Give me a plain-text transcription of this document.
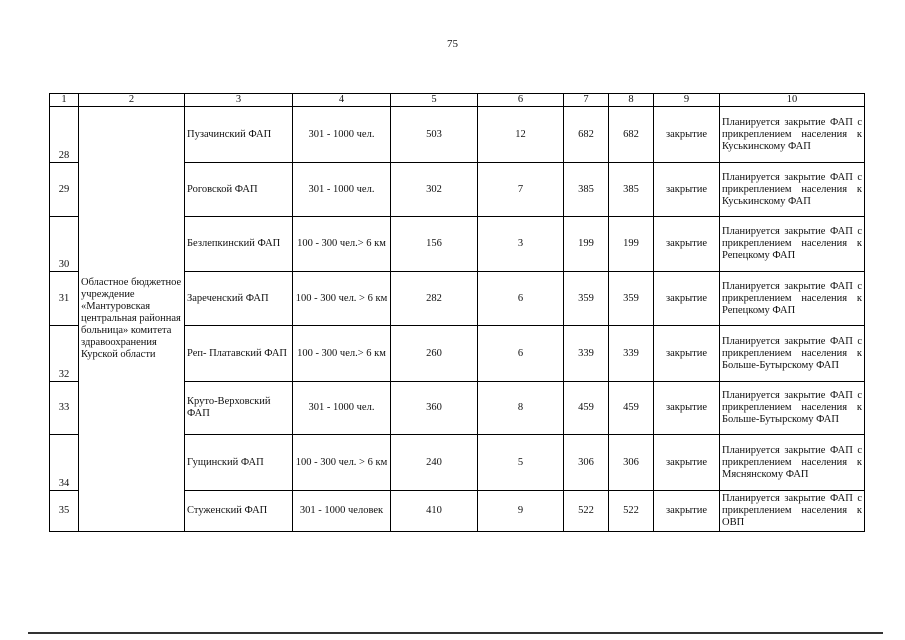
75
1	2	3	4	5	6	7	8	9	10
28	Областное бюджетное учреждение «Мантуровская центральная районная больница» комитета здравоохранения Курской области	Пузачинский ФАП	301 - 1000 чел.	503	12	682	682	закрытие	Планируется закрытие ФАП с прикреплением населения к Куськинскому ФАП
29		Роговской ФАП	301 - 1000 чел.	302	7	385	385	закрытие	Планируется закрытие ФАП с прикреплением населения к Куськинскому ФАП
30		Безлепкинский ФАП	100 - 300 чел.> 6 км	156	3	199	199	закрытие	Планируется закрытие ФАП с прикреплением населения к Репецкому ФАП
31		Зареченский ФАП	100 - 300 чел. > 6 км	282	6	359	359	закрытие	Планируется закрытие ФАП с прикреплением населения к Репецкому ФАП
32		Реп- Платавский ФАП	100 - 300 чел.> 6 км	260	6	339	339	закрытие	Планируется закрытие ФАП с прикреплением населения к Больше-Бутырскому ФАП
33		Круто-Верховский ФАП	301 - 1000 чел.	360	8	459	459	закрытие	Планируется закрытие ФАП с прикреплением населения к Больше-Бутырскому ФАП
34		Гущинский ФАП	100 - 300 чел. > 6 км	240	5	306	306	закрытие	Планируется закрытие ФАП с прикреплением населения к Мяснянскому ФАП
35		Стуженский ФАП	301 - 1000 человек	410	9	522	522	закрытие	Планируется закрытие ФАП с прикреплением населения к ОВП
